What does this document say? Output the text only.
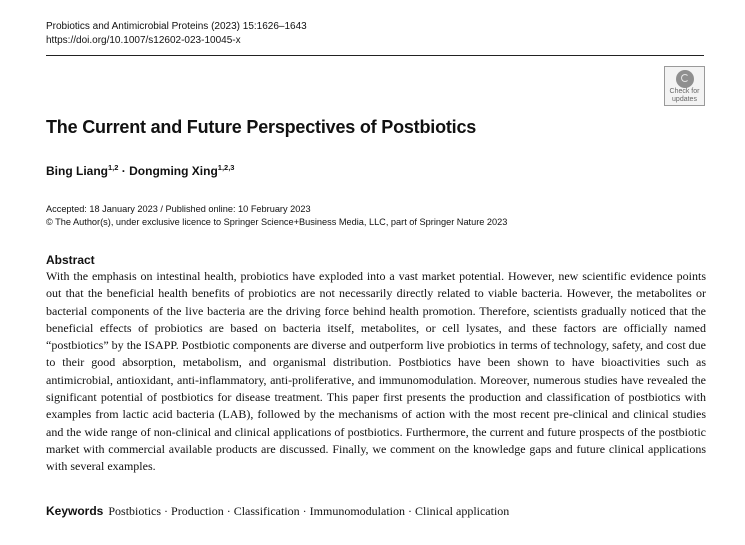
Probiotics and Antimicrobial Proteins (2023) 15:1626–1643
https://doi.org/10.1007/s12602-023-10045-x
Check for
updates
The Current and Future Perspectives of Postbiotics
Bing Liang$^{1,2}$ · Dongming Xing$^{1,2,3}$
Accepted: 18 January 2023 / Published online: 10 February 2023
© The Author(s), under exclusive licence to Springer Science+Business Media, LLC, part of Springer Nature 2023
Abstract

With the emphasis on intestinal health, probiotics have exploded into a vast market potential. However, new scientific evidence points out that the beneficial health benefits of probiotics are not necessarily directly related to viable bacteria. However, the metabolites or bacterial components of the live bacteria are the driving force behind health promotion. Therefore, scientists gradually noticed that the beneficial effects of probiotics are based on bacteria itself, metabolites, or cell lysates, and these factors are officially named “postbiotics” by the ISAPP. Postbiotic components are diverse and outperform live probiotics in terms of technology, safety, and cost due to their good absorption, metabolism, and organismal distribution. Postbiotics have been shown to have bioactivities such as antimicrobial, antioxidant, anti-inflammatory, anti-proliferative, and immunomodulation. Moreover, numerous studies have revealed the significant potential of postbiotics for disease treatment. This paper first presents the production and classification of postbiotics with examples from lactic acid bacteria (LAB), followed by the mechanisms of action with the most recent pre-clinical and clinical studies and the wide range of non-clinical and clinical applications of postbiotics. Furthermore, the current and future prospects of the postbiotic market with commercial available products are discussed. Finally, we comment on the knowledge gaps and future clinical applications with several examples.

Keywords Postbiotics · Production · Classification · Immunomodulation · Clinical application
